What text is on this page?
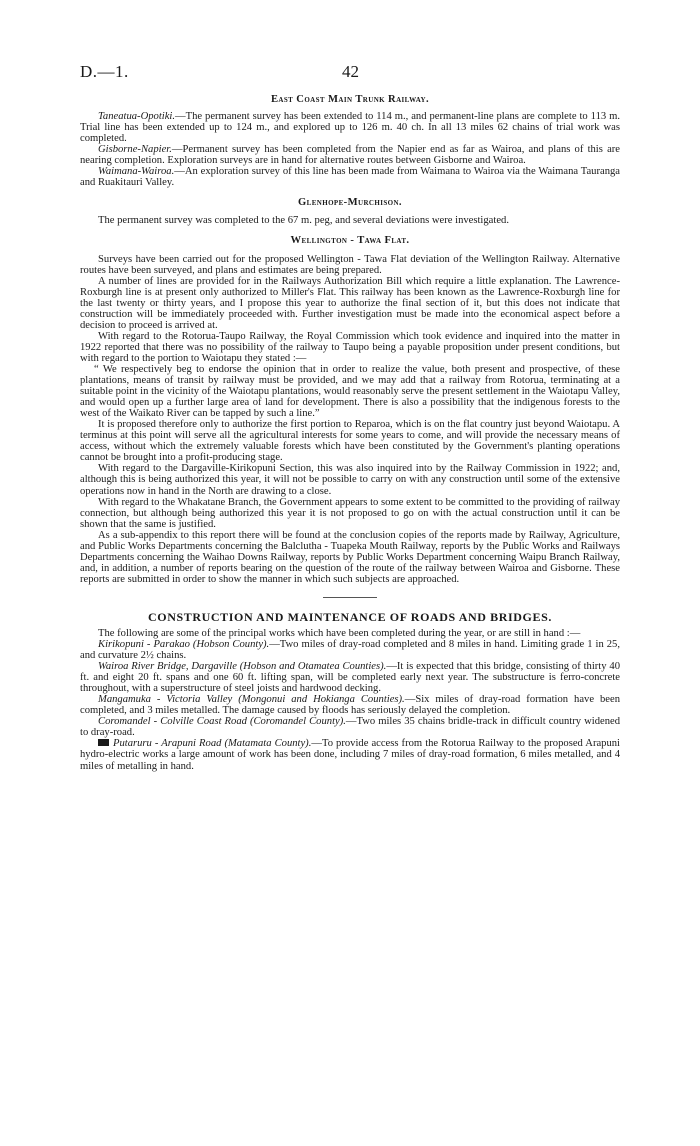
D.—1.	42
East Coast Main Trunk Railway.

Taneatua-Opotiki.—The permanent survey has been extended to 114 m., and permanent-line plans are complete to 113 m. Trial line has been extended up to 124 m., and explored up to 126 m. 40 ch. In all 13 miles 62 chains of trial work was completed.

Gisborne-Napier.—Permanent survey has been completed from the Napier end as far as Wairoa, and plans of this are nearing completion. Exploration surveys are in hand for alternative routes between Gisborne and Wairoa.

Waimana-Wairoa.—An exploration survey of this line has been made from Waimana to Wairoa via the Waimana Tauranga and Ruakitauri Valley.

Glenhope-Murchison.

The permanent survey was completed to the 67 m. peg, and several deviations were investigated.

Wellington - Tawa Flat.

Surveys have been carried out for the proposed Wellington - Tawa Flat deviation of the Wellington Railway. Alternative routes have been surveyed, and plans and estimates are being prepared.

A number of lines are provided for in the Railways Authorization Bill which require a little explanation. The Lawrence-Roxburgh line is at present only authorized to Miller's Flat. This railway has been known as the Lawrence-Roxburgh line for the last twenty or thirty years, and I propose this year to authorize the final section of it, but this does not indicate that construction will be immediately proceeded with. Further investigation must be made into the economical aspect before a decision to proceed is arrived at.

With regard to the Rotorua-Taupo Railway, the Royal Commission which took evidence and inquired into the matter in 1922 reported that there was no possibility of the railway to Taupo being a payable proposition under present conditions, but with regard to the portion to Waiotapu they stated :—

“ We respectively beg to endorse the opinion that in order to realize the value, both present and prospective, of these plantations, means of transit by railway must be provided, and we may add that a railway from Rotorua, terminating at a suitable point in the vicinity of the Waiotapu plantations, would reasonably serve the present settlement in the Waiotapu Valley, and would open up a further large area of land for development. There is also a possibility that the indigenous forests to the west of the Waikato River can be tapped by such a line.”

It is proposed therefore only to authorize the first portion to Reparoa, which is on the flat country just beyond Waiotapu. A terminus at this point will serve all the agricultural interests for some years to come, and will provide the necessary means of access, without which the extremely valuable forests which have been constituted by the Government's planting operations cannot be brought into a profit-producing stage.

With regard to the Dargaville-Kirikopuni Section, this was also inquired into by the Railway Commission in 1922; and, although this is being authorized this year, it will not be possible to carry on with any construction until some of the extensive operations now in hand in the North are drawing to a close.

With regard to the Whakatane Branch, the Government appears to some extent to be committed to the providing of railway connection, but although being authorized this year it is not proposed to go on with the actual construction until it can be shown that the same is justified.

As a sub-appendix to this report there will be found at the conclusion copies of the reports made by Railway, Agriculture, and Public Works Departments concerning the Balclutha - Tuapeka Mouth Railway, reports by the Public Works and Railways Departments concerning the Waihao Downs Railway, reports by Public Works Department concerning Waipu Branch Railway, and, in addition, a number of reports bearing on the question of the route of the railway between Wairoa and Gisborne. These reports are submitted in order to show the manner in which such subjects are approached.

CONSTRUCTION AND MAINTENANCE OF ROADS AND BRIDGES.

The following are some of the principal works which have been completed during the year, or are still in hand :—

Kirikopuni - Parakao (Hobson County).—Two miles of dray-road completed and 8 miles in hand. Limiting grade 1 in 25, and curvature 2½ chains.

Wairoa River Bridge, Dargaville (Hobson and Otamatea Counties).—It is expected that this bridge, consisting of thirty 40 ft. and eight 20 ft. spans and one 60 ft. lifting span, will be completed early next year. The substructure is ferro-concrete throughout, with a superstructure of steel joists and hardwood decking.

Mangamuka - Victoria Valley (Mongonui and Hokianga Counties).—Six miles of dray-road formation have been completed, and 3 miles metalled. The damage caused by floods has seriously delayed the completion.

Coromandel - Colville Coast Road (Coromandel County).—Two miles 35 chains bridle-track in difficult country widened to dray-road.

Putaruru - Arapuni Road (Matamata County).—To provide access from the Rotorua Railway to the proposed Arapuni hydro-electric works a large amount of work has been done, including 7 miles of dray-road formation, 6 miles metalled, and 4 miles of metalling in hand.
